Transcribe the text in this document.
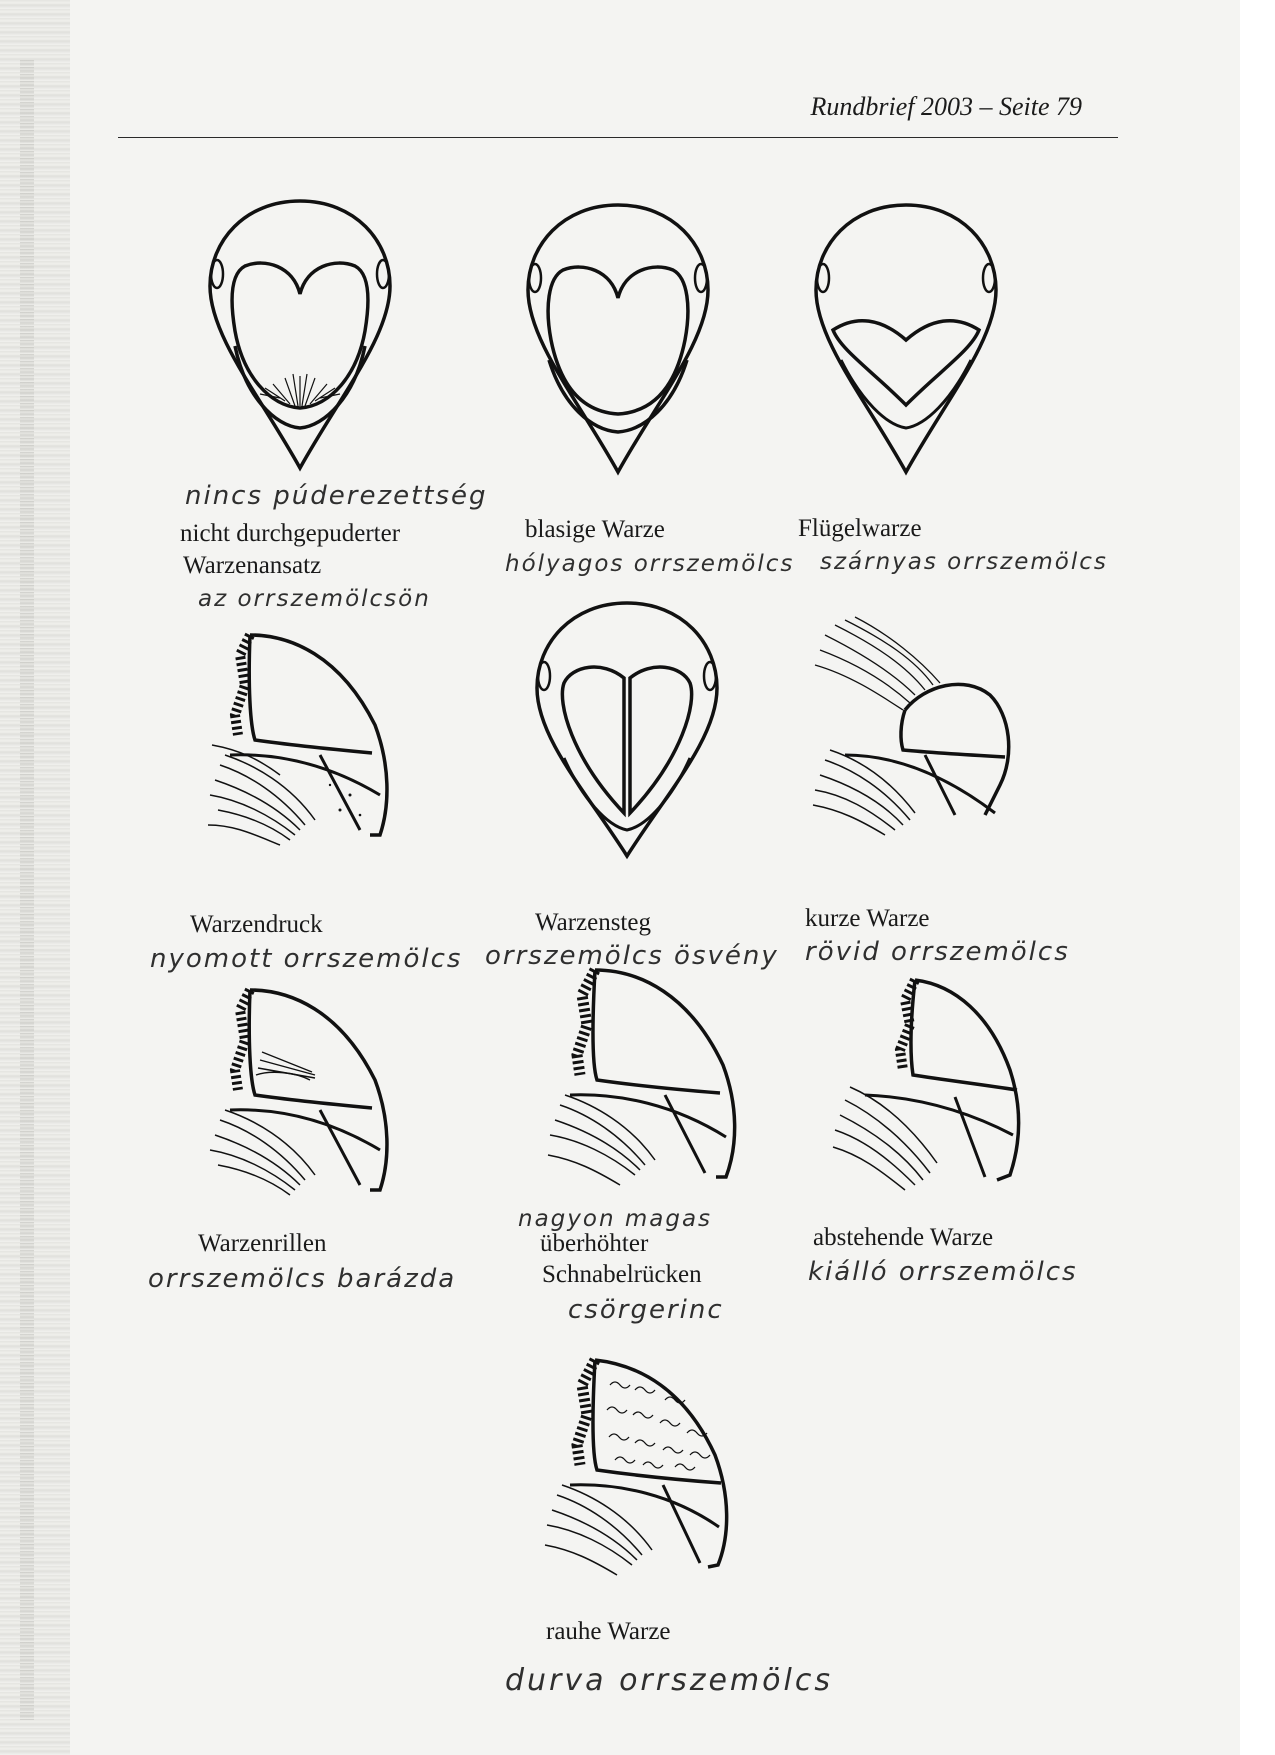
Rundbrief 2003 – Seite 79
nincs púderezettség
nicht durchgepuderter
Warzenansatz
az orrszemölcsön
blasige Warze
hólyagos orrszemölcs
Flügelwarze
szárnyas orrszemölcs
Warzendruck
nyomott orrszemölcs
Warzensteg
orrszemölcs ösvény
kurze Warze
rövid orrszemölcs
Warzenrillen
orrszemölcs barázda
nagyon magas
überhöhter
Schnabelrücken
csörgerinc
abstehende Warze
kiálló orrszemölcs
rauhe Warze
durva orrszemölcs
